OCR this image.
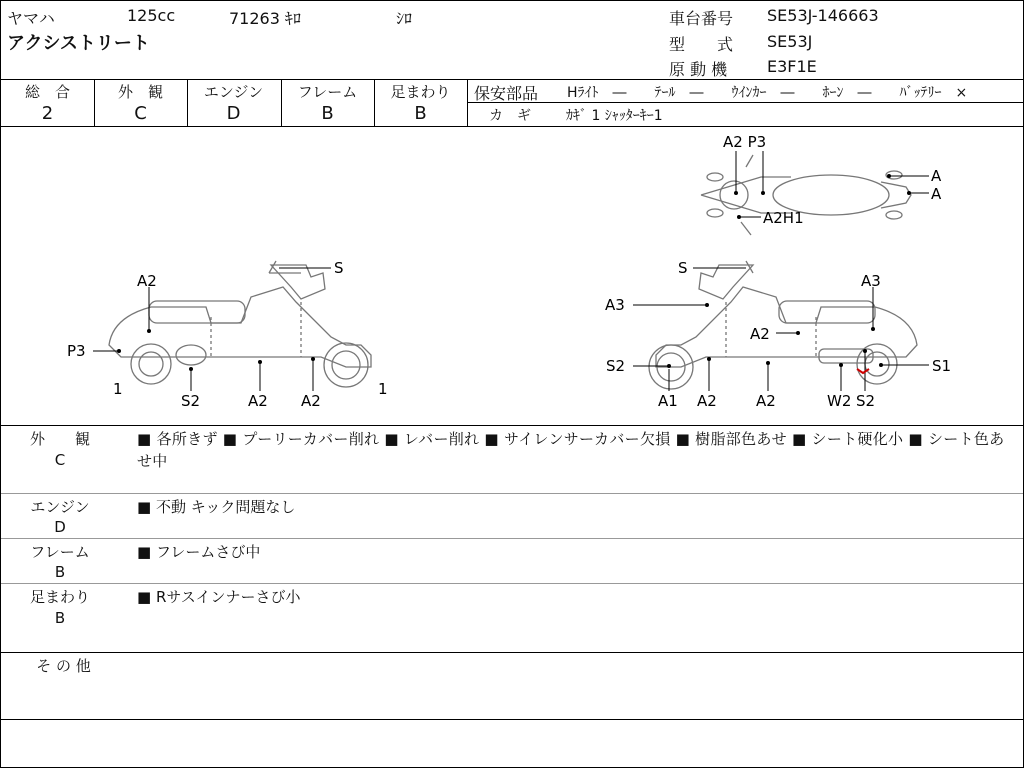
ヤマハ	125cc	71263 ｷﾛ	ｼﾛ
アクシストリート
車台番号 SE53J-146663
型　　式 SE53J
原 動 機 E3F1E
総　合
2
外　観
C
エンジン
D
フレーム
B
足まわり
B
保安部品 Hﾗｲﾄ　―　　ﾃｰﾙ　―　　ｳｲﾝｶｰ　―　　ﾎｰﾝ　―　　ﾊﾞｯﾃﾘｰ　×
カ　ギ	ｶｷﾞ 1 ｼｬｯﾀｰｷｰ1
S
A2
P3
1
S2	A2 A2
1
S
A3
A3
A2
S2	S1
A1 A2	A2	W2 S2
A2 P3
A
A
A2H1
外　　観
C
■ 各所きず ■ プーリーカバー削れ ■ レバー削れ ■ サイレンサーカバー欠損 ■ 樹脂部色あせ ■ シート硬化小 ■ シート色あせ中
エンジン
D
■ 不動 キック問題なし
フレーム
B
■ フレームさび中
足まわり
B
■ Rサスインナーさび小
そ の 他
